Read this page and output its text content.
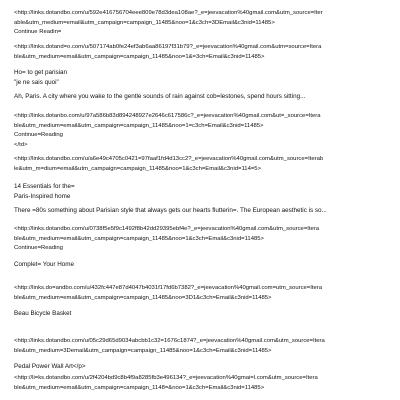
<http://links.dotandbo.com/u/592e416756704eee809e78d3dea108ae?_e=jeevacation%40gmail.com&utm_source=Iter
able&utm_medium=email&utm_campaign=campaign_11485&noo=1&c3ch=3DEmail&c3nid=11485>
Continue Readin=
<http://links.dotand=o.com/u/507174ab0fe24ef3ab6aa86197f31b79?_e=jeevacation%40gmail.com&utm=source=Itera
ble&utm_medium=email&utm_campaign=campaign_11485&noo=1&=3ch=Email&c3nid=11485>
Ho= to get parisian
"je ne sais quoi"
Ah, Paris. A city where you wake to the gentle sounds of rain against cob=lestones, spend hours sitting...
<http://links.dotanbo.com/u/97a586b83d894248927e2646c617586c?_e=jeevacation%40gmail.com&ut=_source=Itera
ble&utm_medium=email&utm_campaign=campaign_11485&noo=1=c3ch=Email&c3nid=11485>
Continue=Reading
</td>
<http://links.dotandbo.com/u/a6e49c4705c0421=97faaf1fd4d13cc2?_e=jeevacation%40gmail.com&utm_source=Iterab
le&utm_m=dium=email&utm_campaign=campaign_11485&noo=1&c3ch=Email&c3nid=114=5>
14 Essentials for the=
Paris-Inspired home
There =80s something about Parisian style that always gets our hearts flutterin=. The European aesthetic is so...
<http://links.dotandbo.com/u/0738f5e5f9c1492f8b42dd29395ebf4e?_e=jeevacation%40gmail.com&utm_source=Itera
ble&utm_medium=email&utm_campaign=campaign_11485&noo=1&c3ch=Email&c3nid=11485>
Continue=Reading
Complet= Your Home
<http://links.do=andbo.com/u/432fc447e87d4047b4031f17fd6b7382?_e=jeevacation%40gmail.com=utm_source=Itera
ble&utm_medium=email&utm_campaign=campaign_11485&noo=3D1&c3ch=Email&c3nid=11485>
Beau Bicycle Basket
<http://links.dotandbo.com/u/05c29d65d9034abcbb1c32=1676c1874?_e=jeevacation%40gmail.com&utm_source=Itera
ble&utm_medium=3Demail&utm_campaign=campaign_11485&noo=1&c3ch=Email&c3nid=11485>
Pedal Power Wall Art</p>
<http://li=ks.dotandbo.com/u/2f4204bd9c8b4f9a8285fb3e496134?_e=jeevacation%40gmai=l.com&utm_source=Itera
ble&utm_medium=email&utm_campaign=campaign_1148=&noo=1&c3ch=Email&c3nid=11485>
